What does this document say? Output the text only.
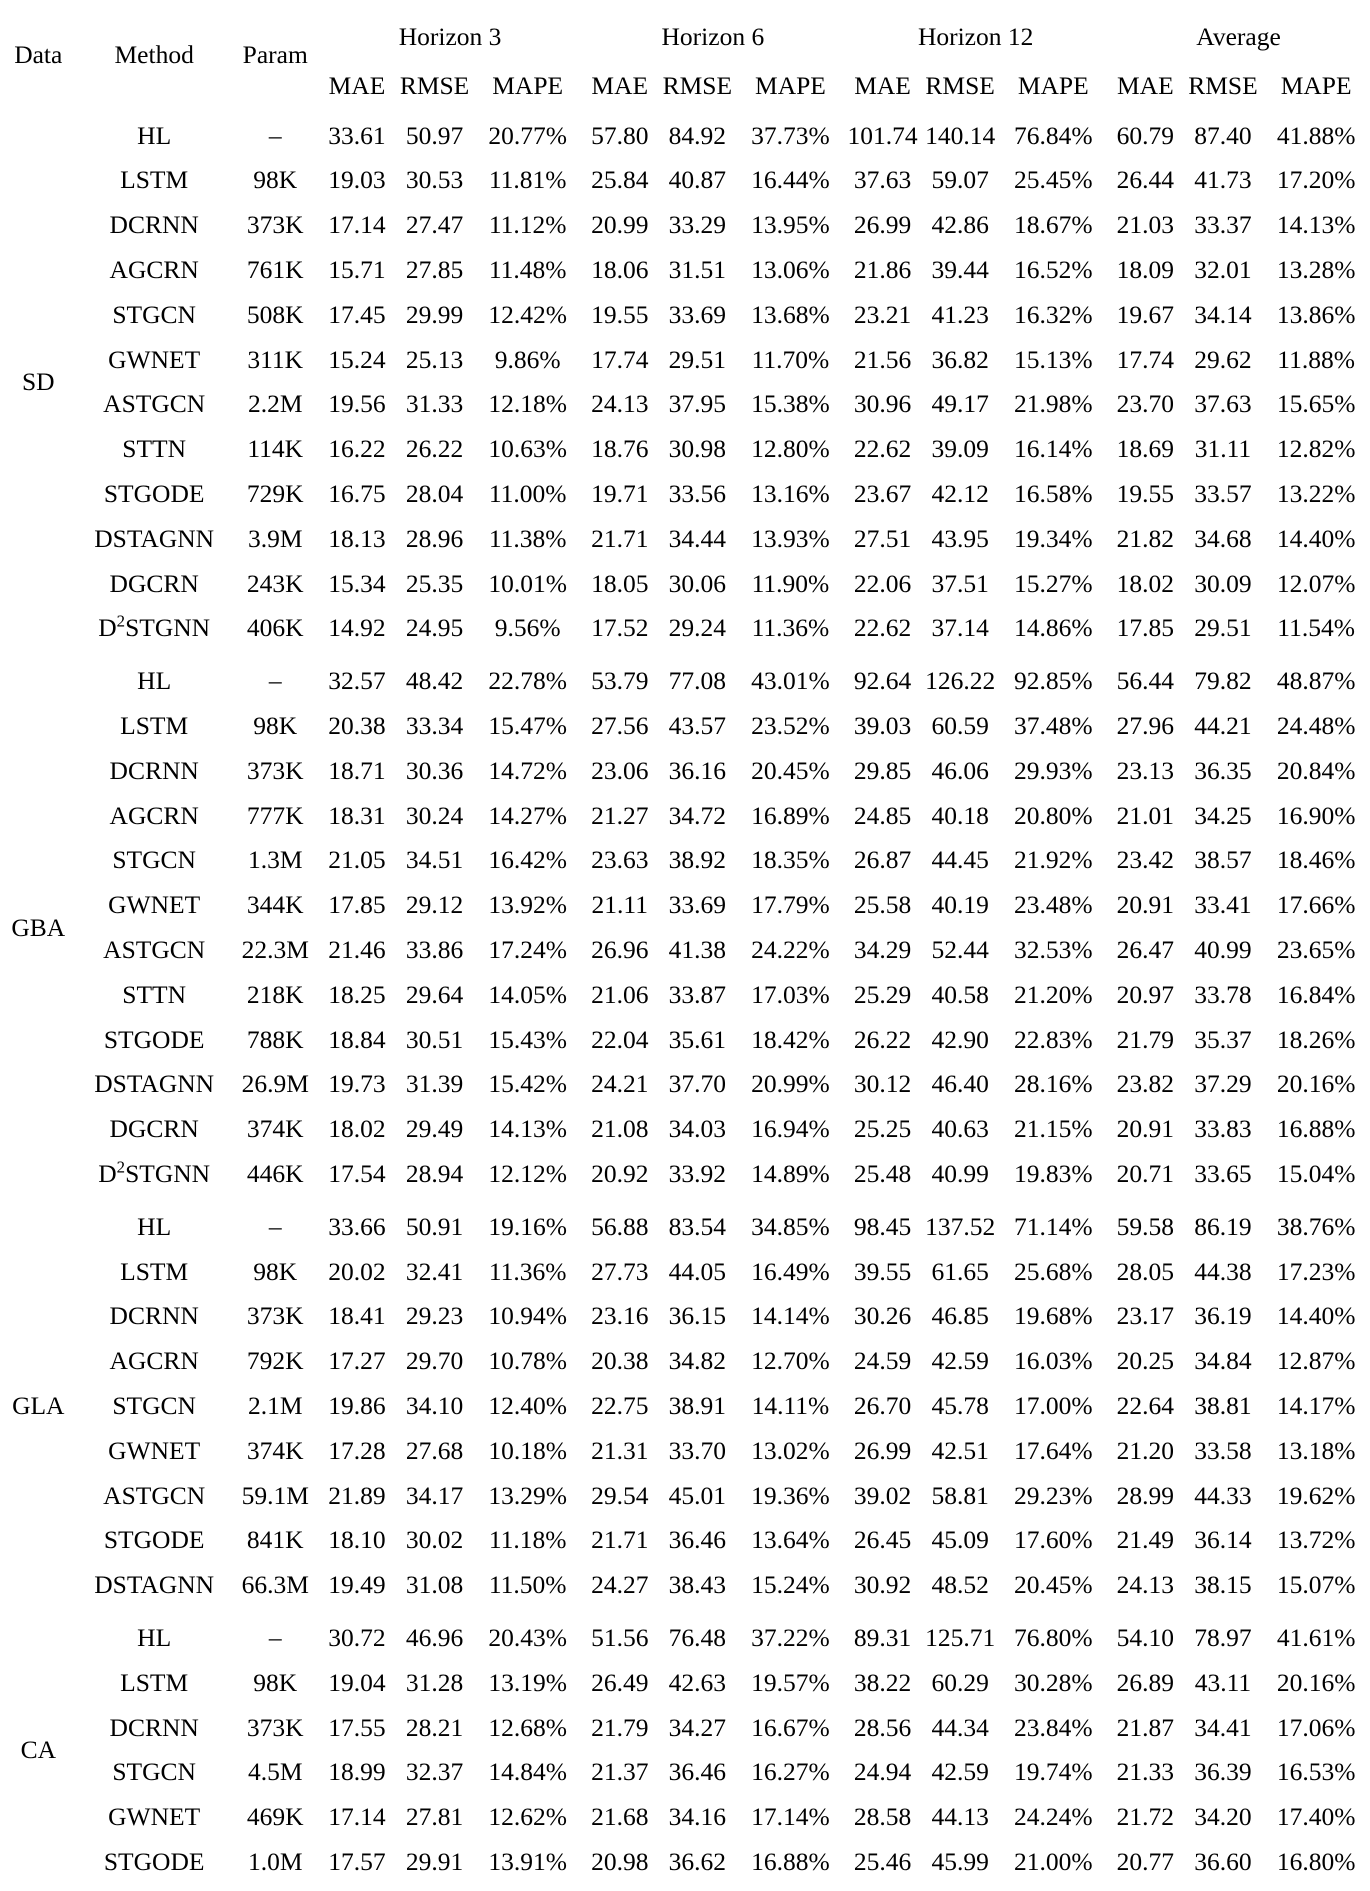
Data	Method	Param	Horizon 3			Horizon 6			Horizon 12			Average		
			MAE	RMSE	MAPE	MAE	RMSE	MAPE	MAE	RMSE	MAPE	MAE	RMSE	MAPE

SD	HL	–	33.61	50.97	20.77%	57.80	84.92	37.73%	101.74	140.14	76.84%	60.79	87.40	41.88%
	LSTM	98K	19.03	30.53	11.81%	25.84	40.87	16.44%	37.63	59.07	25.45%	26.44	41.73	17.20%
	DCRNN	373K	17.14	27.47	11.12%	20.99	33.29	13.95%	26.99	42.86	18.67%	21.03	33.37	14.13%
	AGCRN	761K	15.71	27.85	11.48%	18.06	31.51	13.06%	21.86	39.44	16.52%	18.09	32.01	13.28%
	STGCN	508K	17.45	29.99	12.42%	19.55	33.69	13.68%	23.21	41.23	16.32%	19.67	34.14	13.86%
	GWNET	311K	15.24	25.13	9.86%	17.74	29.51	11.70%	21.56	36.82	15.13%	17.74	29.62	11.88%
	ASTGCN	2.2M	19.56	31.33	12.18%	24.13	37.95	15.38%	30.96	49.17	21.98%	23.70	37.63	15.65%
	STTN	114K	16.22	26.22	10.63%	18.76	30.98	12.80%	22.62	39.09	16.14%	18.69	31.11	12.82%
	STGODE	729K	16.75	28.04	11.00%	19.71	33.56	13.16%	23.67	42.12	16.58%	19.55	33.57	13.22%
	DSTAGNN	3.9M	18.13	28.96	11.38%	21.71	34.44	13.93%	27.51	43.95	19.34%	21.82	34.68	14.40%
	DGCRN	243K	15.34	25.35	10.01%	18.05	30.06	11.90%	22.06	37.51	15.27%	18.02	30.09	12.07%
	$D^2STGNN$	406K	14.92	24.95	9.56%	17.52	29.24	11.36%	22.62	37.14	14.86%	17.85	29.51	11.54%

GBA	HL	–	32.57	48.42	22.78%	53.79	77.08	43.01%	92.64	126.22	92.85%	56.44	79.82	48.87%
	LSTM	98K	20.38	33.34	15.47%	27.56	43.57	23.52%	39.03	60.59	37.48%	27.96	44.21	24.48%
	DCRNN	373K	18.71	30.36	14.72%	23.06	36.16	20.45%	29.85	46.06	29.93%	23.13	36.35	20.84%
	AGCRN	777K	18.31	30.24	14.27%	21.27	34.72	16.89%	24.85	40.18	20.80%	21.01	34.25	16.90%
	STGCN	1.3M	21.05	34.51	16.42%	23.63	38.92	18.35%	26.87	44.45	21.92%	23.42	38.57	18.46%
	GWNET	344K	17.85	29.12	13.92%	21.11	33.69	17.79%	25.58	40.19	23.48%	20.91	33.41	17.66%
	ASTGCN	22.3M	21.46	33.86	17.24%	26.96	41.38	24.22%	34.29	52.44	32.53%	26.47	40.99	23.65%
	STTN	218K	18.25	29.64	14.05%	21.06	33.87	17.03%	25.29	40.58	21.20%	20.97	33.78	16.84%
	STGODE	788K	18.84	30.51	15.43%	22.04	35.61	18.42%	26.22	42.90	22.83%	21.79	35.37	18.26%
	DSTAGNN	26.9M	19.73	31.39	15.42%	24.21	37.70	20.99%	30.12	46.40	28.16%	23.82	37.29	20.16%
	DGCRN	374K	18.02	29.49	14.13%	21.08	34.03	16.94%	25.25	40.63	21.15%	20.91	33.83	16.88%
	$D^2STGNN$	446K	17.54	28.94	12.12%	20.92	33.92	14.89%	25.48	40.99	19.83%	20.71	33.65	15.04%

GLA	HL	–	33.66	50.91	19.16%	56.88	83.54	34.85%	98.45	137.52	71.14%	59.58	86.19	38.76%
	LSTM	98K	20.02	32.41	11.36%	27.73	44.05	16.49%	39.55	61.65	25.68%	28.05	44.38	17.23%
	DCRNN	373K	18.41	29.23	10.94%	23.16	36.15	14.14%	30.26	46.85	19.68%	23.17	36.19	14.40%
	AGCRN	792K	17.27	29.70	10.78%	20.38	34.82	12.70%	24.59	42.59	16.03%	20.25	34.84	12.87%
	STGCN	2.1M	19.86	34.10	12.40%	22.75	38.91	14.11%	26.70	45.78	17.00%	22.64	38.81	14.17%
	GWNET	374K	17.28	27.68	10.18%	21.31	33.70	13.02%	26.99	42.51	17.64%	21.20	33.58	13.18%
	ASTGCN	59.1M	21.89	34.17	13.29%	29.54	45.01	19.36%	39.02	58.81	29.23%	28.99	44.33	19.62%
	STGODE	841K	18.10	30.02	11.18%	21.71	36.46	13.64%	26.45	45.09	17.60%	21.49	36.14	13.72%
	DSTAGNN	66.3M	19.49	31.08	11.50%	24.27	38.43	15.24%	30.92	48.52	20.45%	24.13	38.15	15.07%

CA	HL	–	30.72	46.96	20.43%	51.56	76.48	37.22%	89.31	125.71	76.80%	54.10	78.97	41.61%
	LSTM	98K	19.04	31.28	13.19%	26.49	42.63	19.57%	38.22	60.29	30.28%	26.89	43.11	20.16%
	DCRNN	373K	17.55	28.21	12.68%	21.79	34.27	16.67%	28.56	44.34	23.84%	21.87	34.41	17.06%
	STGCN	4.5M	18.99	32.37	14.84%	21.37	36.46	16.27%	24.94	42.59	19.74%	21.33	36.39	16.53%
	GWNET	469K	17.14	27.81	12.62%	21.68	34.16	17.14%	28.58	44.13	24.24%	21.72	34.20	17.40%
	STGODE	1.0M	17.57	29.91	13.91%	20.98	36.62	16.88%	25.46	45.99	21.00%	20.77	36.60	16.80%
